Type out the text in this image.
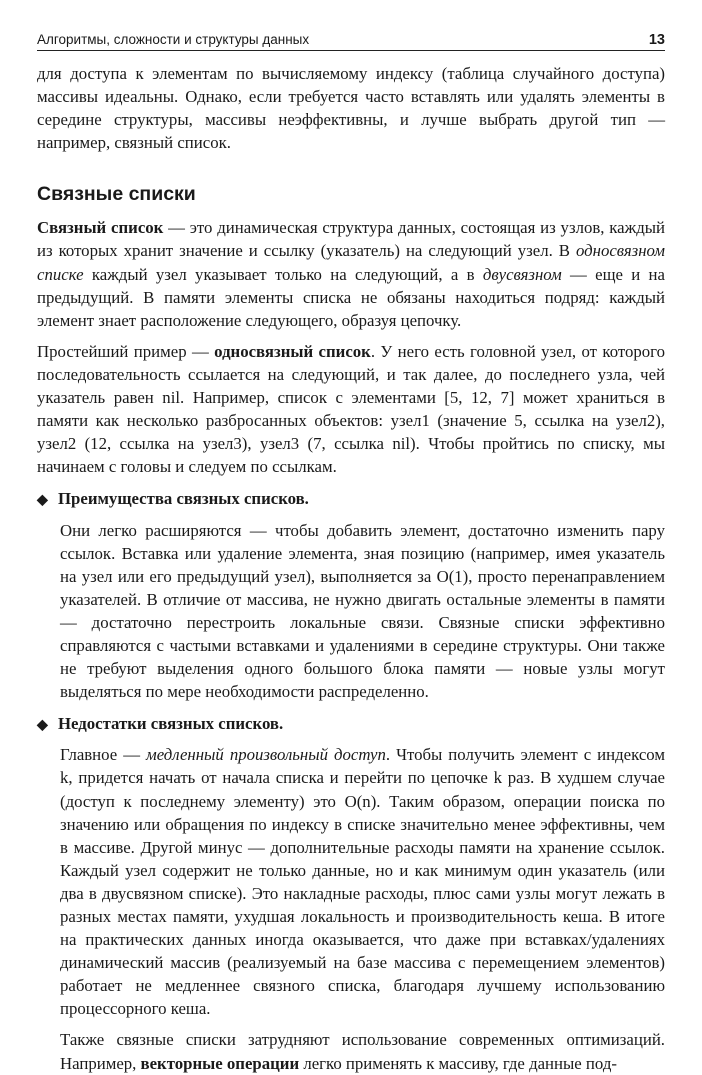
Алгоритмы, сложности и структуры данных	13

для доступа к элементам по вычисляемому индексу (таблица случайного доступа) массивы идеальны. Однако, если требуется часто вставлять или удалять элементы в середине структуры, массивы неэффективны, и лучше выбрать другой тип — например, связный список.

Связные списки

Связный список — это динамическая структура данных, состоящая из узлов, каждый из которых хранит значение и ссылку (указатель) на следующий узел. В односвязном списке каждый узел указывает только на следующий, а в двусвязном — еще и на предыдущий. В памяти элементы списка не обязаны находиться подряд: каждый элемент знает расположение следующего, образуя цепочку.

Простейший пример — односвязный список. У него есть головной узел, от которого последовательность ссылается на следующий, и так далее, до последнего узла, чей указатель равен nil. Например, список с элементами [5, 12, 7] может храниться в памяти как несколько разбросанных объектов: узел1 (значение 5, ссылка на узел2), узел2 (12, ссылка на узел3), узел3 (7, ссылка nil). Чтобы пройтись по списку, мы начинаем с головы и следуем по ссылкам.

◆ Преимущества связных списков.

Они легко расширяются — чтобы добавить элемент, достаточно изменить пару ссылок. Вставка или удаление элемента, зная позицию (например, имея указатель на узел или его предыдущий узел), выполняется за O(1), просто перенаправлением указателей. В отличие от массива, не нужно двигать остальные элементы в памяти — достаточно перестроить локальные связи. Связные списки эффективно справляются с частыми вставками и удалениями в середине структуры. Они также не требуют выделения одного большого блока памяти — новые узлы могут выделяться по мере необходимости распределенно.

◆ Недостатки связных списков.

Главное — медленный произвольный доступ. Чтобы получить элемент с индексом k, придется начать от начала списка и перейти по цепочке k раз. В худшем случае (доступ к последнему элементу) это O(n). Таким образом, операции поиска по значению или обращения по индексу в списке значительно менее эффективны, чем в массиве. Другой минус — дополнительные расходы памяти на хранение ссылок. Каждый узел содержит не только данные, но и как минимум один указатель (или два в двусвязном списке). Это накладные расходы, плюс сами узлы могут лежать в разных местах памяти, ухудшая локальность и производительность кеша. В итоге на практических данных иногда оказывается, что даже при вставках/удалениях динамический массив (реализуемый на базе массива с перемещением элементов) работает не медленнее связного списка, благодаря лучшему использованию процессорного кеша.

Также связные списки затрудняют использование современных оптимизаций. Например, векторные операции легко применять к массиву, где данные под-
